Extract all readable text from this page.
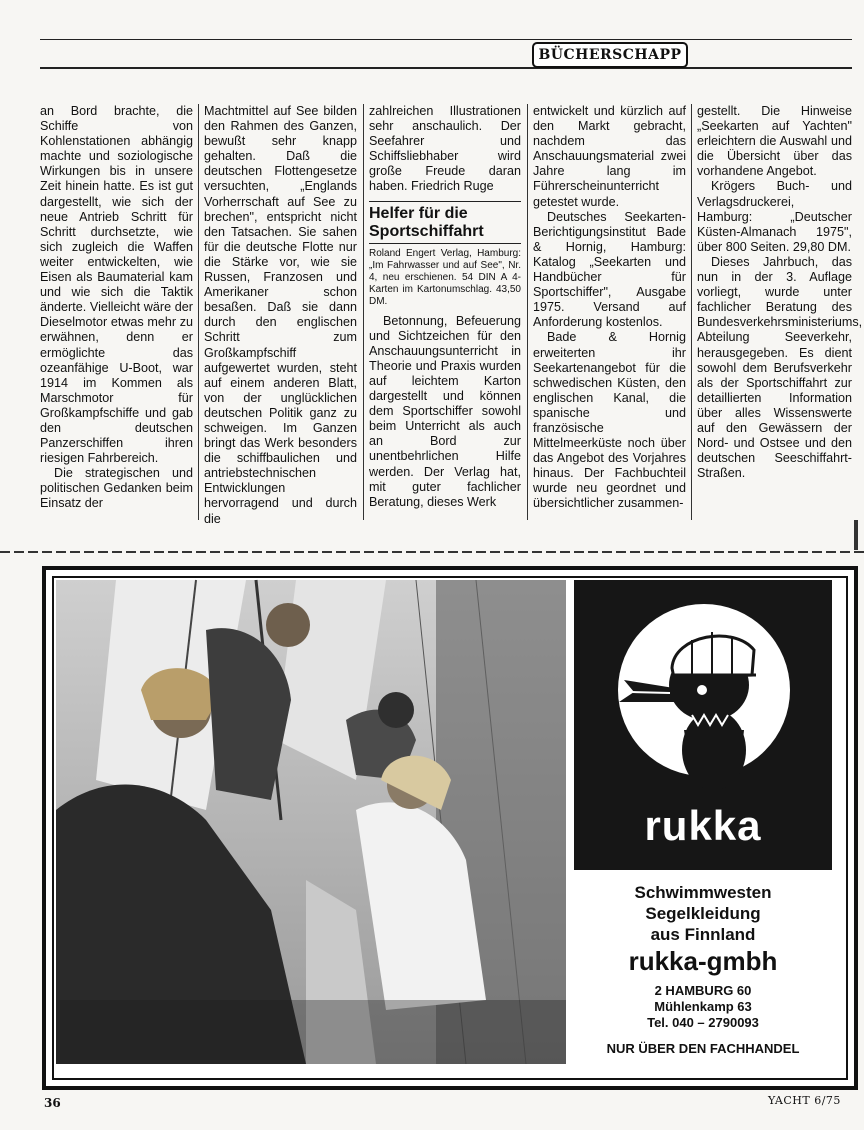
BÜCHERSCHAPP

an Bord brachte, die Schiffe von Kohlenstationen abhängig machte und soziologische Wirkungen bis in unsere Zeit hinein hatte. Es ist gut dargestellt, wie sich der neue Antrieb Schritt für Schritt durchsetzte, wie sich zugleich die Waffen weiter entwickelten, wie Eisen als Baumaterial kam und wie sich die Taktik änderte. Vielleicht wäre der Dieselmotor etwas mehr zu erwähnen, denn er ermöglichte das ozeanfähige U-Boot, war 1914 im Kommen als Marschmotor für Großkampfschiffe und gab den deutschen Panzerschiffen ihren riesigen Fahrbereich.

Die strategischen und politischen Gedanken beim Einsatz der

Machtmittel auf See bilden den Rahmen des Ganzen, bewußt sehr knapp gehalten. Daß die deutschen Flottengesetze versuchten, „Englands Vorherrschaft auf See zu brechen", entspricht nicht den Tatsachen. Sie sahen für die deutsche Flotte nur die Stärke vor, wie sie Russen, Franzosen und Amerikaner schon besaßen. Daß sie dann durch den englischen Schritt zum Großkampfschiff aufgewertet wurden, steht auf einem anderen Blatt, von der unglücklichen deutschen Politik ganz zu schweigen. Im Ganzen bringt das Werk besonders die schiffbaulichen und antriebstechnischen Entwicklungen hervorragend und durch die

zahlreichen Illustrationen sehr anschaulich. Der Seefahrer und Schiffsliebhaber wird große Freude daran haben. Friedrich Ruge

Helfer für die Sportschiffahrt
Roland Engert Verlag, Hamburg: „Im Fahrwasser und auf See", Nr. 4, neu erschienen. 54 DIN A 4-Karten im Kartonumschlag. 43,50 DM.

Betonnung, Befeuerung und Sichtzeichen für den Anschauungsunterricht in Theorie und Praxis wurden auf leichtem Karton dargestellt und können dem Sportschiffer sowohl beim Unterricht als auch an Bord zur unentbehrlichen Hilfe werden. Der Verlag hat, mit guter fachlicher Beratung, dieses Werk

entwickelt und kürzlich auf den Markt gebracht, nachdem das Anschauungsmaterial zwei Jahre lang im Führerscheinunterricht getestet wurde.

Deutsches Seekarten-Berichtigungsinstitut Bade & Hornig, Hamburg: Katalog „Seekarten und Handbücher für Sportschiffer", Ausgabe 1975. Versand auf Anforderung kostenlos.

Bade & Hornig erweiterten ihr Seekartenangebot für die schwedischen Küsten, den englischen Kanal, die spanische und französische Mittelmeerküste noch über das Angebot des Vorjahres hinaus. Der Fachbuchteil wurde neu geordnet und übersichtlicher zusammen-

gestellt. Die Hinweise „Seekarten auf Yachten" erleichtern die Auswahl und die Übersicht über das vorhandene Angebot.

Krögers Buch- und Verlagsdruckerei, Hamburg: „Deutscher Küsten-Almanach 1975", über 800 Seiten. 29,80 DM.

Dieses Jahrbuch, das nun in der 3. Auflage vorliegt, wurde unter fachlicher Beratung des Bundesverkehrsministeriums, Abteilung Seeverkehr, herausgegeben. Es dient sowohl dem Berufsverkehr als der Sportschiffahrt zur detaillierten Information über alles Wissenswerte auf den Gewässern der Nord- und Ostsee und den deutschen Seeschiffahrt-Straßen.

rukka
Schwimmwesten
Segelkleidung
aus Finnland
rukka-gmbh
2 HAMBURG 60
Mühlenkamp 63
Tel. 040 – 2790093
NUR ÜBER DEN FACHHANDEL
36	YACHT 6/75
